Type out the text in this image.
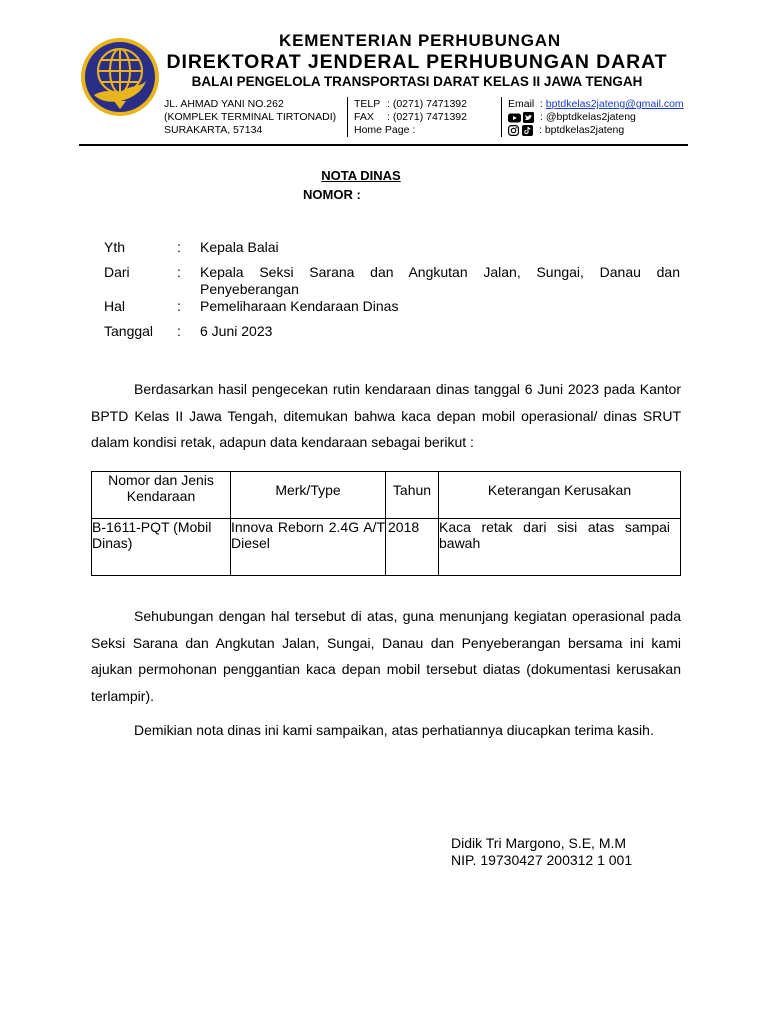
KEMENTERIAN PERHUBUNGAN
DIREKTORAT JENDERAL PERHUBUNGAN DARAT
BALAI PENGELOLA TRANSPORTASI DARAT KELAS II JAWA TENGAH
JL. AHMAD YANI NO.262
(KOMPLEK TERMINAL TIRTONADI)
SURAKARTA, 57134
TELP : (0271) 7471392
FAX : (0271) 7471392
Home Page :
Email : bptdkelas2jateng@gmail.com
: @bptdkelas2jateng
: bptdkelas2jateng
NOTA DINAS
NOMOR :
Yth	: Kepala Balai
Dari	: Kepala Seksi Sarana dan Angkutan Jalan, Sungai, Danau dan Penyeberangan
Hal	: Pemeliharaan Kendaraan Dinas
Tanggal : 6 Juni 2023
Berdasarkan hasil pengecekan rutin kendaraan dinas tanggal 6 Juni 2023 pada Kantor BPTD Kelas II Jawa Tengah, ditemukan bahwa kaca depan mobil operasional/ dinas SRUT dalam kondisi retak, adapun data kendaraan sebagai berikut :
Nomor dan Jenis Kendaraan	Merk/Type	Tahun	Keterangan Kerusakan
B-1611-PQT (Mobil Dinas)	Innova Reborn 2.4G A/T Diesel	2018	Kaca retak dari sisi atas sampai bawah
Sehubungan dengan hal tersebut di atas, guna menunjang kegiatan operasional pada Seksi Sarana dan Angkutan Jalan, Sungai, Danau dan Penyeberangan bersama ini kami ajukan permohonan penggantian kaca depan mobil tersebut diatas (dokumentasi kerusakan terlampir).
Demikian nota dinas ini kami sampaikan, atas perhatiannya diucapkan terima kasih.
Didik Tri Margono, S.E, M.M
NIP. 19730427 200312 1 001
